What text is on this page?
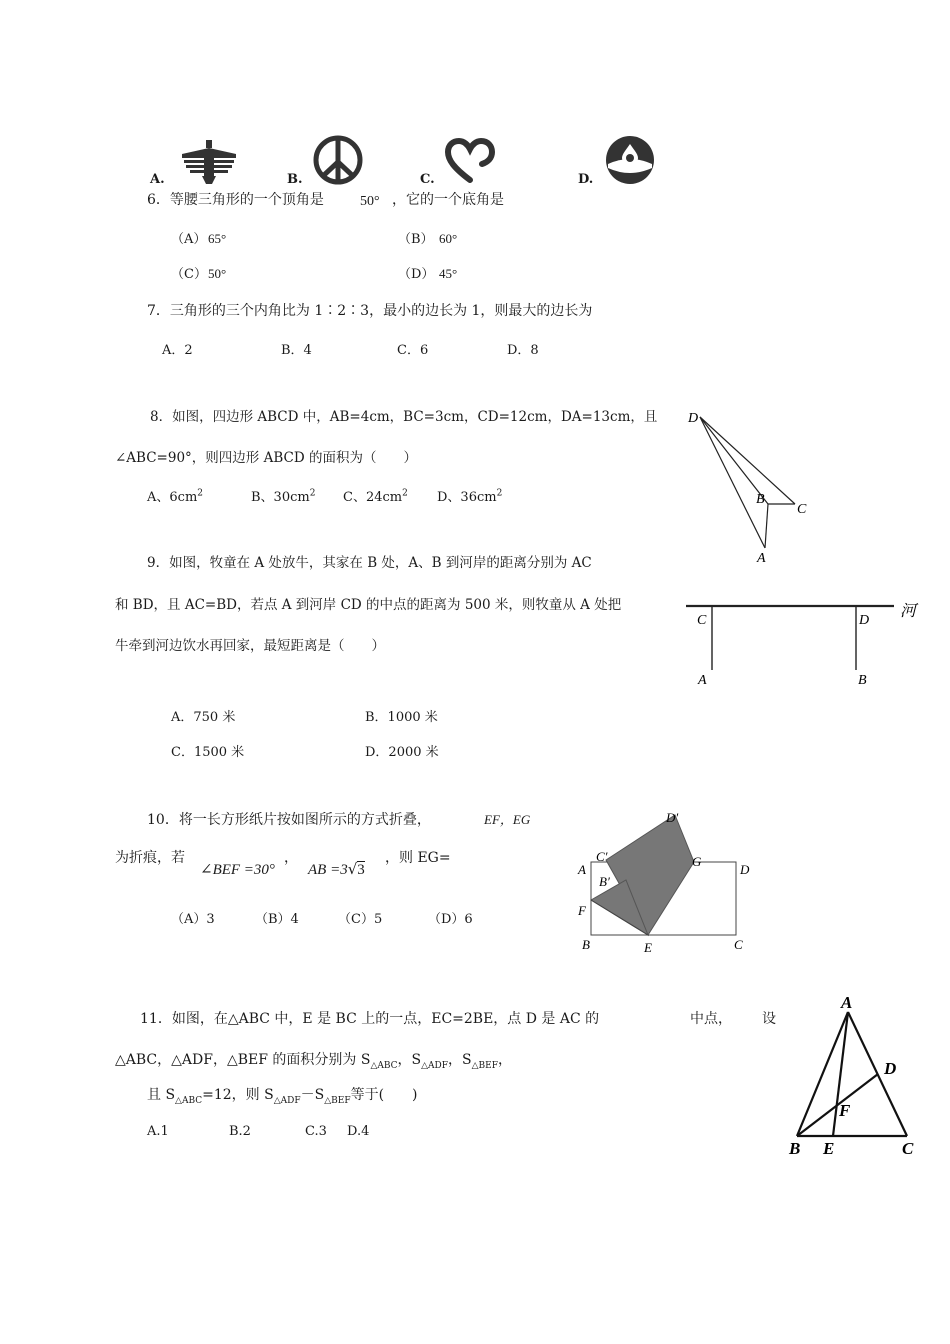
A.	B.	C.	D.
6．等腰三角形的一个顶角是	50° ，它的一个底角是
（A） 65°	（B） 60°
（C） 50°	（D） 45°
7．三角形的三个内角比为 1∶2∶3，最小的边长为 1，则最大的边长为
A．2	B．4	C．6	D．8
8．如图，四边形 ABCD 中，AB=4cm，BC=3cm，CD=12cm，DA=13cm，且
∠ABC=90°，则四边形 ABCD 的面积为（　　）
A、$6cm^2$	B、$30cm^2$ C、$24cm^2$ D、$36cm^2$
D
B
C
A
9．如图，牧童在 A 处放牛，其家在 B 处，A、B 到河岸的距离分别为 AC
和 BD，且 AC=BD，若点 A 到河岸 CD 的中点的距离为 500 米，则牧童从 A 处把
牛牵到河边饮水再回家，最短距离是（　　）
A．750 米	B．1000 米
C．1500 米	D．2000 米
C	D
A	B
河
10．将一长方形纸片按如图所示的方式折叠，	EF，EG
为折痕，若
∠BEF =30°
，
AB =3√3
，则 EG=
（A）3	（B）4	（C）5	（D）6
D′
C′	G
D
A
B′
F
B	E	C
11．如图，在△ABC 中，E 是 BC 上的一点，EC=2BE，点 D 是 AC 的	中点， 设
△ABC，△ADF，△BEF 的面积分别为 $S_{\triangle ABC}$，$S_{\triangle ADF}$，$S_{\triangle BEF}$，
且 $S_{\triangle ABC}=12$，则 $S_{\triangle ADF}-S_{\triangle BEF}$等于(　　)
A.1	B.2	C.3 D.4
A
D
F
B E	C
